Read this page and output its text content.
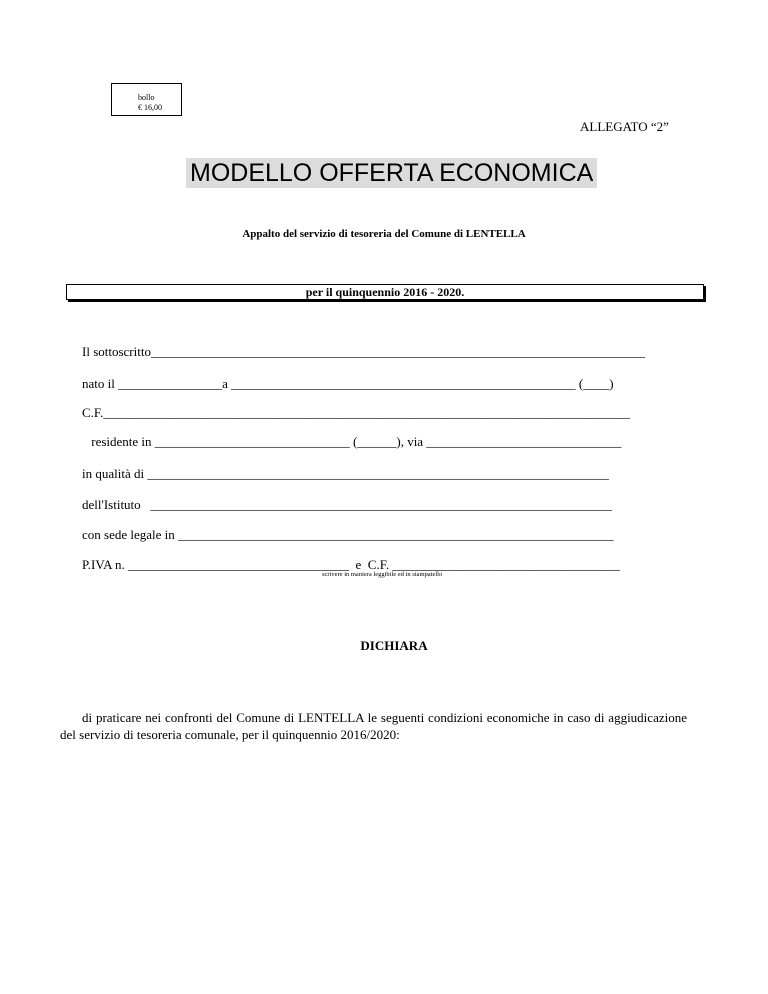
bollo
€ 16,00
ALLEGATO “2”
MODELLO OFFERTA ECONOMICA
Appalto del servizio di tesoreria del Comune di LENTELLA
per il quinquennio 2016 - 2020.
Il sottoscritto____________________________________________________________________________
nato il ________________a _____________________________________________________ (____)
C.F._________________________________________________________________________________
residente in ______________________________ (______), via ______________________________
in qualità di _______________________________________________________________________
dell'Istituto   _______________________________________________________________________
con sede legale in ___________________________________________________________________
P.IVA n. __________________________________  e  C.F. ___________________________________
scrivere in maniera leggibile ed in stampatello
DICHIARA

di praticare nei confronti del Comune di LENTELLA le seguenti condizioni economiche in caso di aggiudicazione del servizio di tesoreria comunale, per il quinquennio 2016/2020:
